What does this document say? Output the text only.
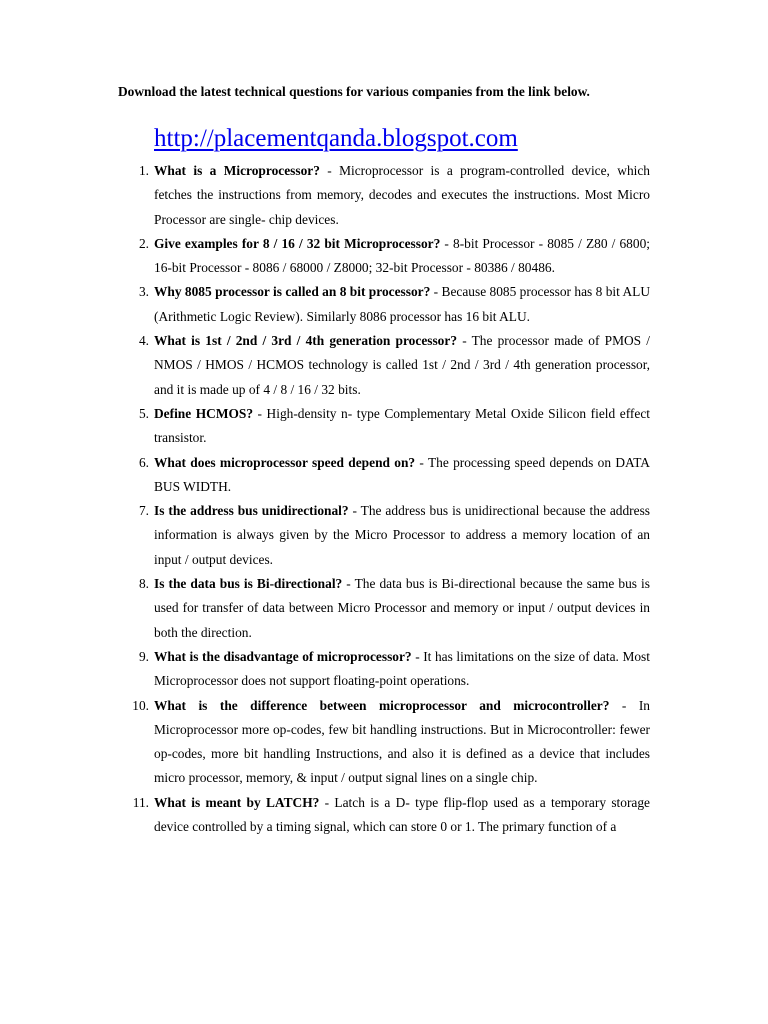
Download the latest technical questions for various companies from the link below.
http://placementqanda.blogspot.com
1. What is a Microprocessor? - Microprocessor is a program-controlled device, which fetches the instructions from memory, decodes and executes the instructions. Most Micro Processor are single- chip devices.
2. Give examples for 8 / 16 / 32 bit Microprocessor? - 8-bit Processor - 8085 / Z80 / 6800; 16-bit Processor - 8086 / 68000 / Z8000; 32-bit Processor - 80386 / 80486.
3. Why 8085 processor is called an 8 bit processor? - Because 8085 processor has 8 bit ALU (Arithmetic Logic Review). Similarly 8086 processor has 16 bit ALU.
4. What is 1st / 2nd / 3rd / 4th generation processor? - The processor made of PMOS / NMOS / HMOS / HCMOS technology is called 1st / 2nd / 3rd / 4th generation processor, and it is made up of 4 / 8 / 16 / 32 bits.
5. Define HCMOS? - High-density n- type Complementary Metal Oxide Silicon field effect transistor.
6. What does microprocessor speed depend on? - The processing speed depends on DATA BUS WIDTH.
7. Is the address bus unidirectional? - The address bus is unidirectional because the address information is always given by the Micro Processor to address a memory location of an input / output devices.
8. Is the data bus is Bi-directional? - The data bus is Bi-directional because the same bus is used for transfer of data between Micro Processor and memory or input / output devices in both the direction.
9. What is the disadvantage of microprocessor? - It has limitations on the size of data. Most Microprocessor does not support floating-point operations.
10. What is the difference between microprocessor and microcontroller? - In Microprocessor more op-codes, few bit handling instructions. But in Microcontroller: fewer op-codes, more bit handling Instructions, and also it is defined as a device that includes micro processor, memory, & input / output signal lines on a single chip.
11. What is meant by LATCH? - Latch is a D- type flip-flop used as a temporary storage device controlled by a timing signal, which can store 0 or 1. The primary function of a
